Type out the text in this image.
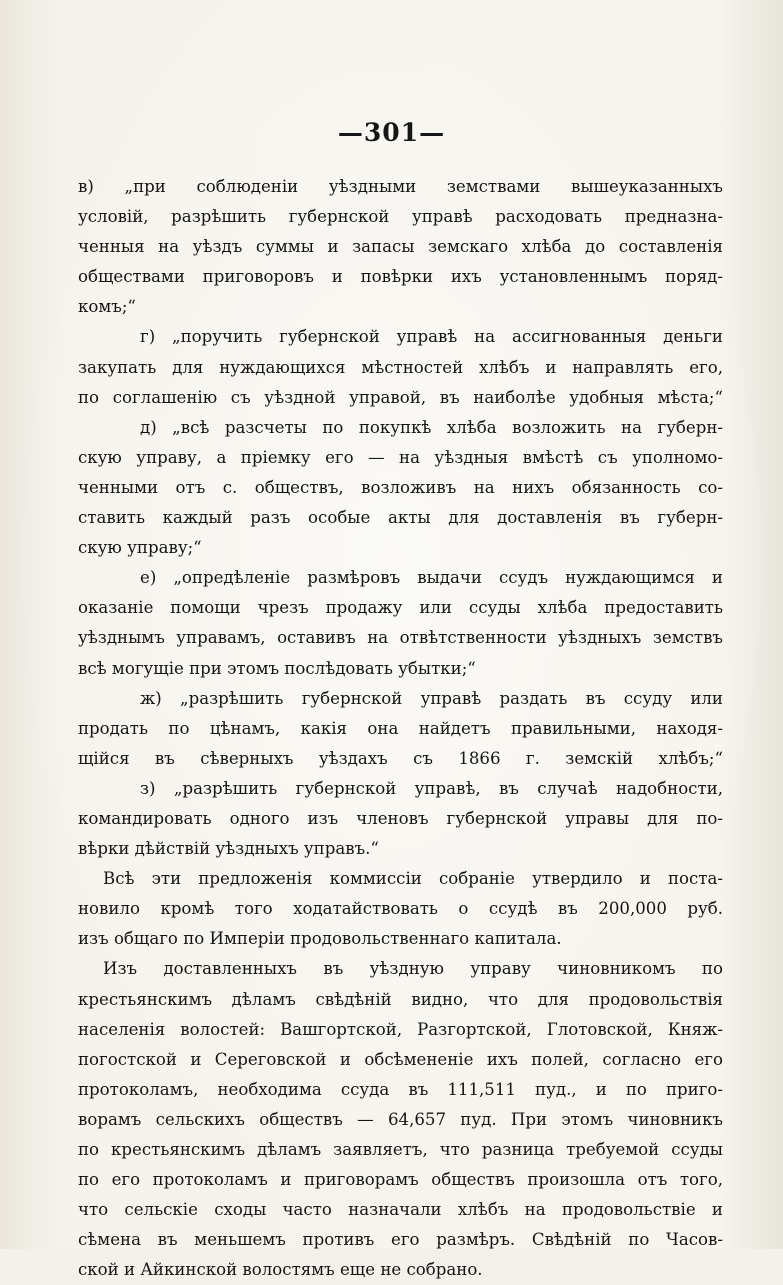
—301—
в) „при соблюденіи уѣздными земствами вышеуказанныхъ
условій, разрѣшить губернской управѣ расходовать предназна-
ченныя на уѣздъ суммы и запасы земскаго хлѣба до составленія
обществами приговоровъ и повѣрки ихъ установленнымъ поряд-
комъ;“
г) „поручить губернской управѣ на ассигнованныя деньги
закупать для нуждающихся мѣстностей хлѣбъ и направлять его,
по соглашенію съ уѣздной управой, въ наиболѣе удобныя мѣста;“
д) „всѣ разсчеты по покупкѣ хлѣба возложить на губерн-
скую управу, а пріемку его — на уѣздныя вмѣстѣ съ уполномо-
ченными отъ с. обществъ, возложивъ на нихъ обязанность со-
ставить каждый разъ особые акты для доставленія въ губерн-
скую управу;“
е) „опредѣленіе размѣровъ выдачи ссудъ нуждающимся и
оказаніе помощи чрезъ продажу или ссуды хлѣба предоставить
уѣзднымъ управамъ, оставивъ на отвѣтственности уѣздныхъ земствъ
всѣ могущіе при этомъ послѣдовать убытки;“
ж) „разрѣшить губернской управѣ раздать въ ссуду или
продать по цѣнамъ, какія она найдетъ правильными, находя-
щійся въ сѣверныхъ уѣздахъ съ 1866 г. земскій хлѣбъ;“
з) „разрѣшить губернской управѣ, въ случаѣ надобности,
командировать одного изъ членовъ губернской управы для по-
вѣрки дѣйствій уѣздныхъ управъ.“
Всѣ эти предложенія коммиссіи собраніе утвердило и поста-
новило кромѣ того ходатайствовать о ссудѣ въ 200,000 руб.
изъ общаго по Имперіи продовольственнаго капитала.
Изъ доставленныхъ въ уѣздную управу чиновникомъ по
крестьянскимъ дѣламъ свѣдѣній видно, что для продовольствія
населенія волостей: Вашгортской, Разгортской, Глотовской, Княж-
погостской и Сереговской и обсѣмененіе ихъ полей, согласно его
протоколамъ, необходима ссуда въ 111,511 пуд., и по приго-
ворамъ сельскихъ обществъ — 64,657 пуд. При этомъ чиновникъ
по крестьянскимъ дѣламъ заявляетъ, что разница требуемой ссуды
по его протоколамъ и приговорамъ обществъ произошла отъ того,
что сельскіе сходы часто назначали хлѣбъ на продовольствіе и
сѣмена въ меньшемъ противъ его размѣръ. Свѣдѣній по Часов-
ской и Айкинской волостямъ еще не собрано.
